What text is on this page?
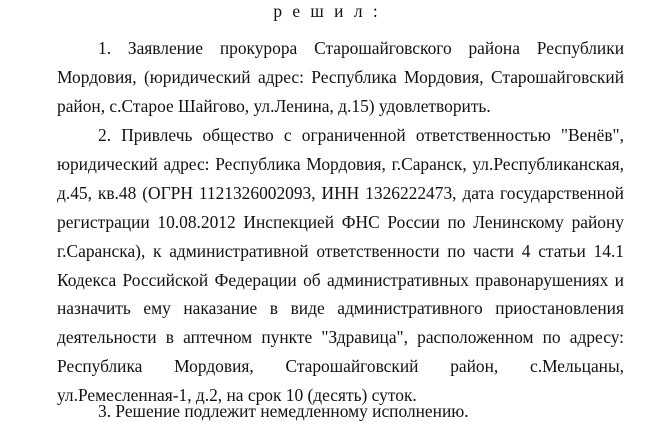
р е ш и л :

1. Заявление прокурора Старошайговского района Республики Мордовия, (юридический адрес: Республика Мордовия, Старошайговский район, с.Старое Шайгово, ул.Ленина, д.15) удовлетворить.

2. Привлечь общество с ограниченной ответственностью "Венёв", юридический адрес: Республика Мордовия, г.Саранск, ул.Республиканская, д.45, кв.48 (ОГРН 1121326002093, ИНН 1326222473, дата государственной регистрации 10.08.2012 Инспекцией ФНС России по Ленинскому району г.Саранска), к административной ответственности по части 4 статьи 14.1 Кодекса Российской Федерации об административных правонарушениях и назначить ему наказание в виде административного приостановления деятельности в аптечном пункте "Здравица", расположенном по адресу: Республика Мордовия, Старошайговский район, с.Мельцаны, ул.Ремесленная-1, д.2, на срок 10 (десять) суток.

3. Решение подлежит немедленному исполнению.
